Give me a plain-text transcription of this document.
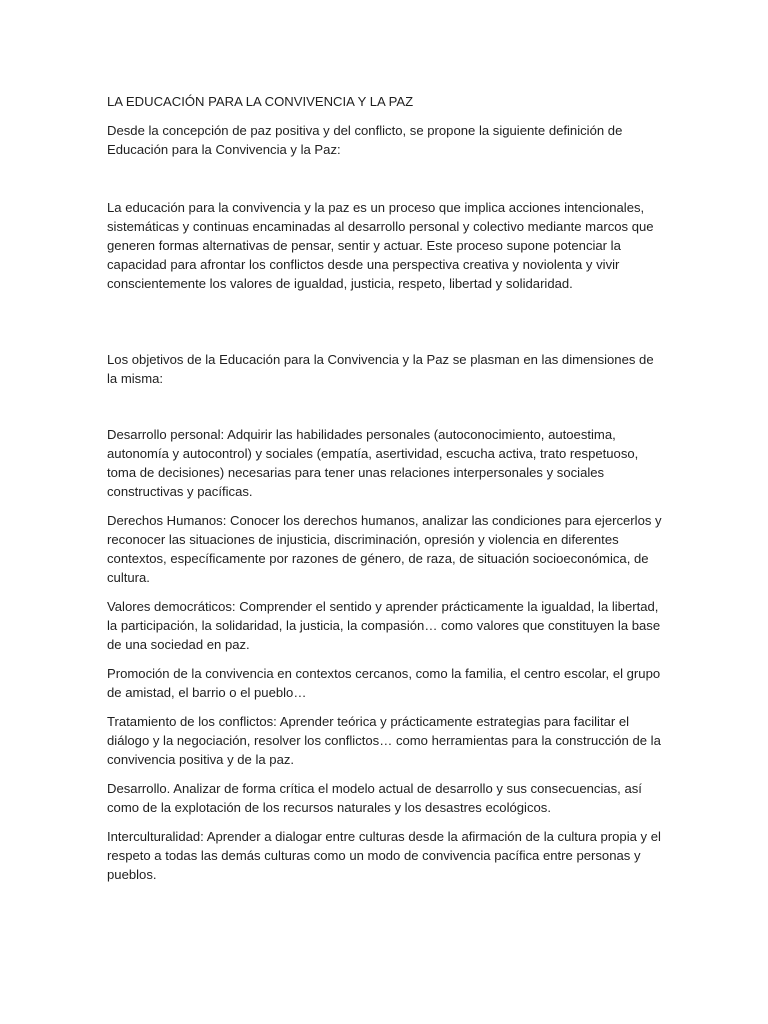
LA EDUCACIÓN PARA LA CONVIVENCIA Y LA PAZ

Desde la concepción de paz positiva y del conflicto, se propone la siguiente definición de Educación para la Convivencia y la Paz:

La educación para la convivencia y la paz es un proceso que implica acciones intencionales, sistemáticas y continuas encaminadas al desarrollo personal y colectivo mediante marcos que generen formas alternativas de pensar, sentir y actuar. Este proceso supone potenciar la capacidad para afrontar los conflictos desde una perspectiva creativa y noviolenta y vivir conscientemente los valores de igualdad, justicia, respeto, libertad y solidaridad.

Los objetivos de la Educación para la Convivencia y la Paz se plasman en las dimensiones de la misma:

Desarrollo personal: Adquirir las habilidades personales (autoconocimiento, autoestima, autonomía y autocontrol) y sociales (empatía, asertividad, escucha activa, trato respetuoso, toma de decisiones) necesarias para tener unas relaciones interpersonales y sociales constructivas y pacíficas.

Derechos Humanos: Conocer los derechos humanos, analizar las condiciones para ejercerlos y reconocer las situaciones de injusticia, discriminación, opresión y violencia en diferentes contextos, específicamente por razones de género, de raza, de situación socioeconómica, de cultura.

Valores democráticos: Comprender el sentido y aprender prácticamente la igualdad, la libertad, la participación, la solidaridad, la justicia, la compasión… como valores que constituyen la base de una sociedad en paz.

Promoción de la convivencia en contextos cercanos, como la familia, el centro escolar, el grupo de amistad, el barrio o el pueblo…

Tratamiento de los conflictos: Aprender teórica y prácticamente estrategias para facilitar el diálogo y la negociación, resolver los conflictos… como herramientas para la construcción de la convivencia positiva y de la paz.

Desarrollo. Analizar de forma crítica el modelo actual de desarrollo y sus consecuencias, así como de la explotación de los recursos naturales y los desastres ecológicos.

Interculturalidad: Aprender a dialogar entre culturas desde la afirmación de la cultura propia y el respeto a todas las demás culturas como un modo de convivencia pacífica entre personas y pueblos.
